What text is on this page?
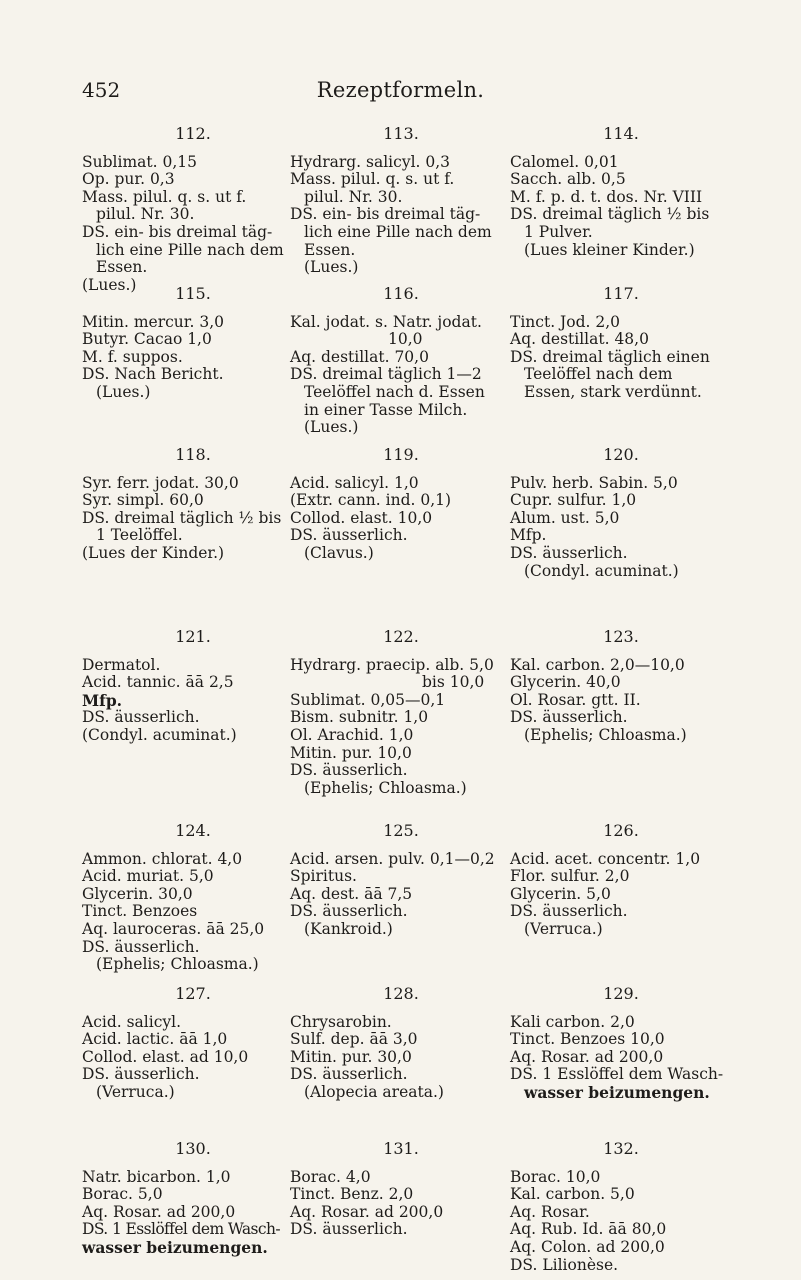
452	Rezeptformeln.
112.
Sublimat. 0,15
Op. pur. 0,3
Mass. pilul. q. s. ut f.
pilul. Nr. 30.
DS. ein- bis dreimal täg-
lich eine Pille nach dem
Essen.
(Lues.)
113.
Hydrarg. salicyl. 0,3
Mass. pilul. q. s. ut f.
pilul. Nr. 30.
DS. ein- bis dreimal täg-
lich eine Pille nach dem
Essen.
(Lues.)
114.
Calomel. 0,01
Sacch. alb. 0,5
M. f. p. d. t. dos. Nr. VIII
DS. dreimal täglich ½ bis
1 Pulver.
(Lues kleiner Kinder.)
115.
Mitin. mercur. 3,0
Butyr. Cacao 1,0
M. f. suppos.
DS. Nach Bericht.
(Lues.)
116.
Kal. jodat. s. Natr. jodat.
10,0
Aq. destillat. 70,0
DS. dreimal täglich 1—2
Teelöffel nach d. Essen
in einer Tasse Milch.
(Lues.)
117.
Tinct. Jod. 2,0
Aq. destillat. 48,0
DS. dreimal täglich einen
Teelöffel nach dem
Essen, stark verdünnt.
118.
Syr. ferr. jodat. 30,0
Syr. simpl. 60,0
DS. dreimal täglich ½ bis
1 Teelöffel.
(Lues der Kinder.)
119.
Acid. salicyl. 1,0
(Extr. cann. ind. 0,1)
Collod. elast. 10,0
DS. äusserlich.
(Clavus.)
120.
Pulv. herb. Sabin. 5,0
Cupr. sulfur. 1,0
Alum. ust. 5,0
Mfp.
DS. äusserlich.
(Condyl. acuminat.)
121.
Dermatol.
Acid. tannic. āā 2,5
Mfp.
DS. äusserlich.
(Condyl. acuminat.)
122.
Hydrarg. praecip. alb. 5,0
bis 10,0
Sublimat. 0,05—0,1
Bism. subnitr. 1,0
Ol. Arachid. 1,0
Mitin. pur. 10,0
DS. äusserlich.
(Ephelis; Chloasma.)
123.
Kal. carbon. 2,0—10,0
Glycerin. 40,0
Ol. Rosar. gtt. II.
DS. äusserlich.
(Ephelis; Chloasma.)
124.
Ammon. chlorat. 4,0
Acid. muriat. 5,0
Glycerin. 30,0
Tinct. Benzoes
Aq. lauroceras. āā 25,0
DS. äusserlich.
(Ephelis; Chloasma.)
125.
Acid. arsen. pulv. 0,1—0,2
Spiritus.
Aq. dest. āā 7,5
DS. äusserlich.
(Kankroid.)
126.
Acid. acet. concentr. 1,0
Flor. sulfur. 2,0
Glycerin. 5,0
DS. äusserlich.
(Verruca.)
127.
Acid. salicyl.
Acid. lactic. āā 1,0
Collod. elast. ad 10,0
DS. äusserlich.
(Verruca.)
128.
Chrysarobin.
Sulf. dep. āā 3,0
Mitin. pur. 30,0
DS. äusserlich.
(Alopecia areata.)
129.
Kali carbon. 2,0
Tinct. Benzoes 10,0
Aq. Rosar. ad 200,0
DS. 1 Esslöffel dem Wasch-
wasser beizumengen.
130.
Natr. bicarbon. 1,0
Borac. 5,0
Aq. Rosar. ad 200,0
DS. 1 Esslöffel dem Wasch-
wasser beizumengen.
131.
Borac. 4,0
Tinct. Benz. 2,0
Aq. Rosar. ad 200,0
DS. äusserlich.
132.
Borac. 10,0
Kal. carbon. 5,0
Aq. Rosar.
Aq. Rub. Id. āā 80,0
Aq. Colon. ad 200,0
DS. Lilionèse.
